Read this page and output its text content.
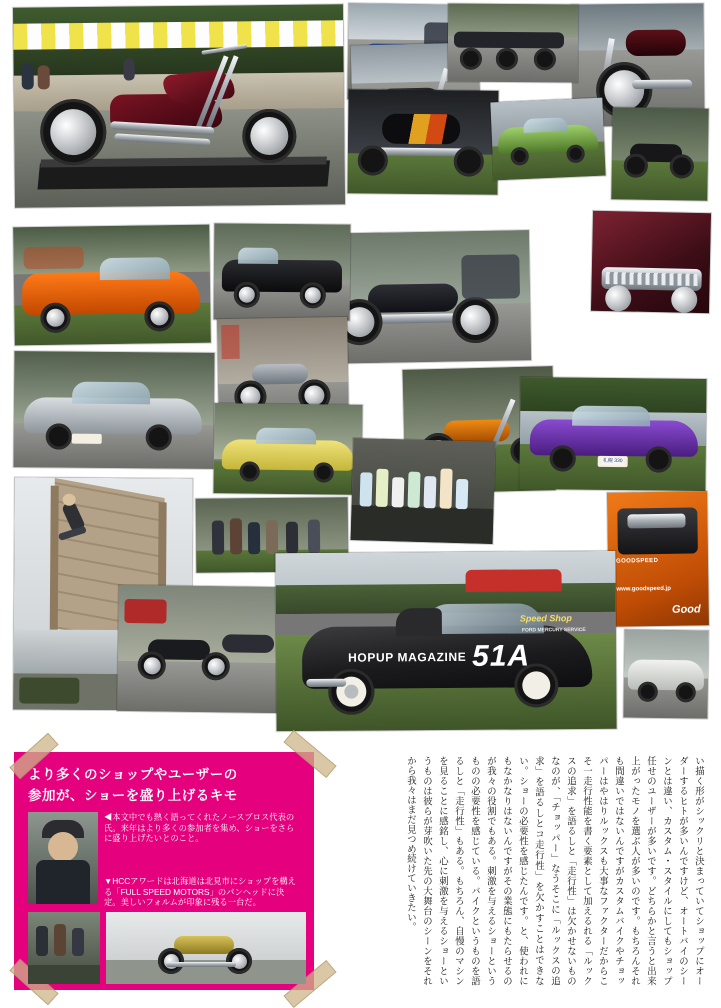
札幌 330
GOODSPEED
www.goodspeed.jp
Good
HOPUP MAGAZINE 51A
Speed Shop
FORD MERCURY SERVICE
より多くのショップやユーザーの
参加が、ショーを盛り上げるキモ
◀本文中でも熱く語ってくれたノースブロス代表の氏。来年はより多くの参加者を集め、ショーをさらに盛り上げたいとのこと。
▼HCCアワードは北海道は北見市にショップを構える「FULL SPEED MOTORS」のパンヘッドに決定。美しいフォルムが印象に残る一台だ。	い描く形がシックリと決まっていてショップにオーダーするヒトが多いんですけど、オートバイのシーンとは違い、カスタム・スタイルにしてもショップ任せのユーザーが多いです。どちらかと言うと出来上がったモノを選ぶ人が多いのです。もちろんそれも間違いではないんですがカスタムバイクやチョッパーはやはりルックスも大事なファクターだからこそ一走行性能を書く要素として加えるれる「ルックスの追求」を語るしと「走行性」は欠かせないものなのが、「チョッパー」なうそこに「ルックスの追求」を語るしとコ走行性」を欠かすことはできない。ショーの必要性を感じたんです。と、使われにもなかなりはないんですがその業態にもたらせるのが我々の役割でもある。刺激を与えるショーというものの必要性を感じている。バイクというものを語るしと「走行性」もある。もちろん、自慢のマシンを見ることに感銘し、心に刺激を与えるショーというものは彼らが芽吹いた先の大舞台のシーンをそれから我々はまだ見つめ続けていきたい。
